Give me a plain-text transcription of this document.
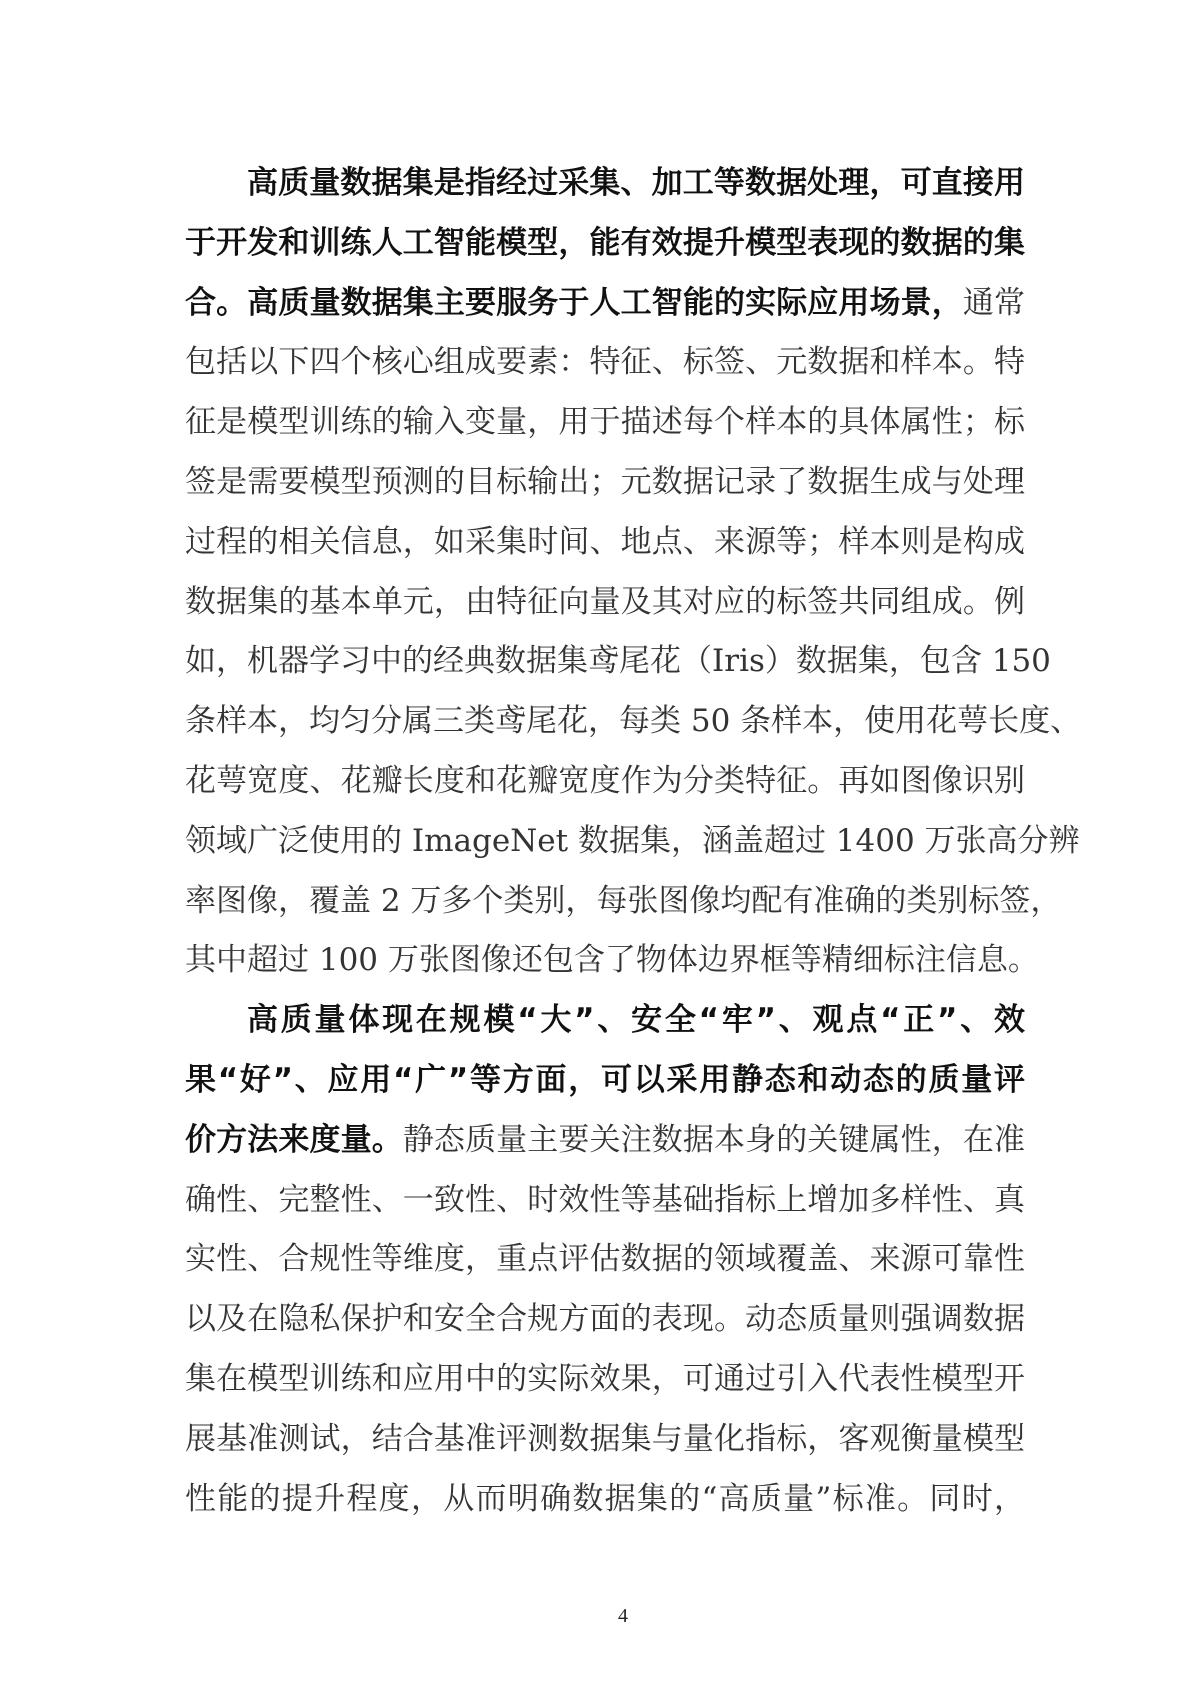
高质量数据集是指经过采集、加工等数据处理，可直接用
于开发和训练人工智能模型，能有效提升模型表现的数据的集
合。高质量数据集主要服务于人工智能的实际应用场景，通常
包括以下四个核心组成要素：特征、标签、元数据和样本。特
征是模型训练的输入变量，用于描述每个样本的具体属性；标
签是需要模型预测的目标输出；元数据记录了数据生成与处理
过程的相关信息，如采集时间、地点、来源等；样本则是构成
数据集的基本单元，由特征向量及其对应的标签共同组成。例
如，机器学习中的经典数据集鸢尾花（Iris）数据集，包含 150
条样本，均匀分属三类鸢尾花，每类 50 条样本，使用花萼长度、
花萼宽度、花瓣长度和花瓣宽度作为分类特征。再如图像识别
领域广泛使用的 ImageNet 数据集，涵盖超过 1400 万张高分辨
率图像，覆盖 2 万多个类别，每张图像均配有准确的类别标签，
其中超过 100 万张图像还包含了物体边界框等精细标注信息。
高质量体现在规模“大”、安全“牢”、观点“正”、效
果“好”、应用“广”等方面，可以采用静态和动态的质量评
价方法来度量。静态质量主要关注数据本身的关键属性，在准
确性、完整性、一致性、时效性等基础指标上增加多样性、真
实性、合规性等维度，重点评估数据的领域覆盖、来源可靠性
以及在隐私保护和安全合规方面的表现。动态质量则强调数据
集在模型训练和应用中的实际效果，可通过引入代表性模型开
展基准测试，结合基准评测数据集与量化指标，客观衡量模型
性能的提升程度，从而明确数据集的“高质量”标准。同时，
4
